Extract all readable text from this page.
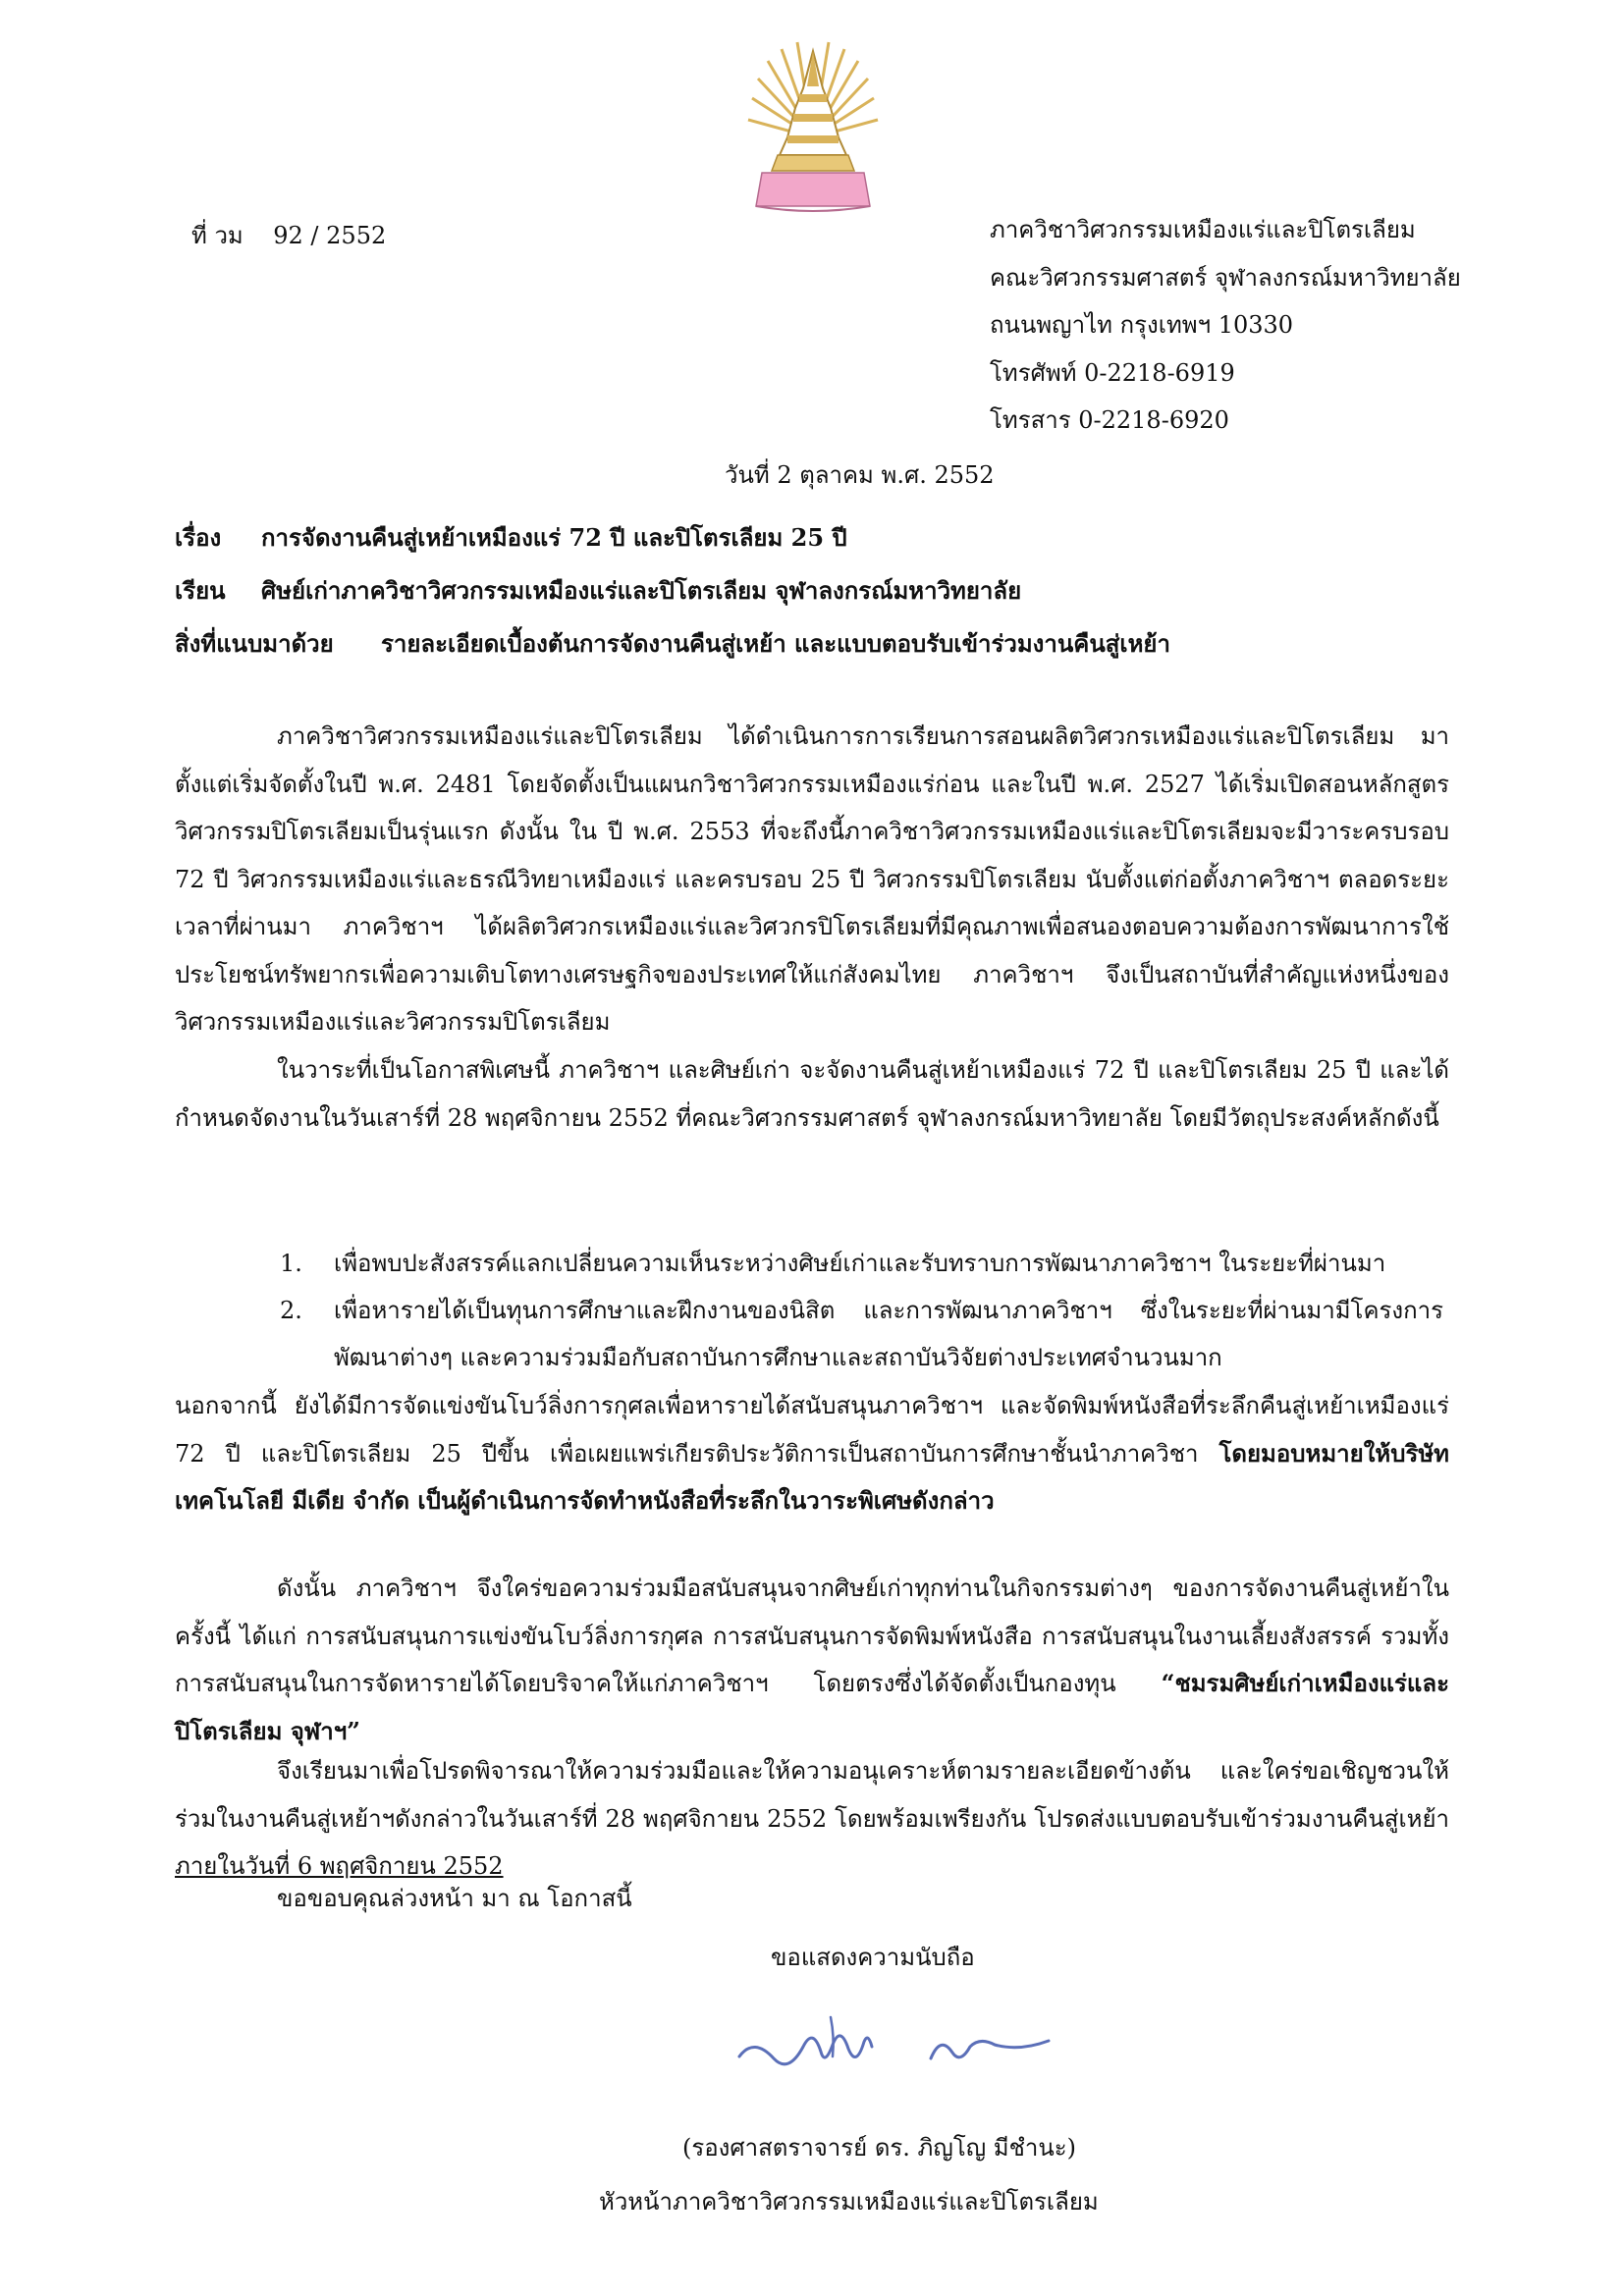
ที่ วม 92 / 2552	ภาควิชาวิศวกรรมเหมืองแร่และปิโตรเลียม
คณะวิศวกรรมศาสตร์ จุฬาลงกรณ์มหาวิทยาลัย
ถนนพญาไท กรุงเทพฯ 10330
โทรศัพท์ 0-2218-6919
โทรสาร 0-2218-6920
วันที่ 2 ตุลาคม พ.ศ. 2552
เรื่อง การจัดงานคืนสู่เหย้าเหมืองแร่ 72 ปี และปิโตรเลียม 25 ปี
เรียน ศิษย์เก่าภาควิชาวิศวกรรมเหมืองแร่และปิโตรเลียม จุฬาลงกรณ์มหาวิทยาลัย
สิ่งที่แนบมาด้วย รายละเอียดเบื้องต้นการจัดงานคืนสู่เหย้า และแบบตอบรับเข้าร่วมงานคืนสู่เหย้า
ภาควิชาวิศวกรรมเหมืองแร่และปิโตรเลียม ได้ดำเนินการการเรียนการสอนผลิตวิศวกรเหมืองแร่และปิโตรเลียม มาตั้งแต่เริ่มจัดตั้งในปี พ.ศ. 2481 โดยจัดตั้งเป็นแผนกวิชาวิศวกรรมเหมืองแร่ก่อน และในปี พ.ศ. 2527 ได้เริ่มเปิดสอนหลักสูตรวิศวกรรมปิโตรเลียมเป็นรุ่นแรก ดังนั้น ใน ปี พ.ศ. 2553 ที่จะถึงนี้ภาควิชาวิศวกรรมเหมืองแร่และปิโตรเลียมจะมีวาระครบรอบ 72 ปี วิศวกรรมเหมืองแร่และธรณีวิทยาเหมืองแร่ และครบรอบ 25 ปี วิศวกรรมปิโตรเลียม นับตั้งแต่ก่อตั้งภาควิชาฯ ตลอดระยะเวลาที่ผ่านมา ภาควิชาฯ ได้ผลิตวิศวกรเหมืองแร่และวิศวกรปิโตรเลียมที่มีคุณภาพเพื่อสนองตอบความต้องการพัฒนาการใช้ประโยชน์ทรัพยากรเพื่อความเติบโตทางเศรษฐกิจของประเทศให้แก่สังคมไทย ภาควิชาฯ จึงเป็นสถาบันที่สำคัญแห่งหนึ่งของวิศวกรรมเหมืองแร่และวิศวกรรมปิโตรเลียม
ในวาระที่เป็นโอกาสพิเศษนี้ ภาควิชาฯ และศิษย์เก่า จะจัดงานคืนสู่เหย้าเหมืองแร่ 72 ปี และปิโตรเลียม 25 ปี และได้กำหนดจัดงานในวันเสาร์ที่ 28 พฤศจิกายน 2552 ที่คณะวิศวกรรมศาสตร์ จุฬาลงกรณ์มหาวิทยาลัย โดยมีวัตถุประสงค์หลักดังนี้
1. เพื่อพบปะสังสรรค์แลกเปลี่ยนความเห็นระหว่างศิษย์เก่าและรับทราบการพัฒนาภาควิชาฯ ในระยะที่ผ่านมา
2. เพื่อหารายได้เป็นทุนการศึกษาและฝึกงานของนิสิต และการพัฒนาภาควิชาฯ ซึ่งในระยะที่ผ่านมามีโครงการพัฒนาต่างๆ และความร่วมมือกับสถาบันการศึกษาและสถาบันวิจัยต่างประเทศจำนวนมาก
นอกจากนี้ ยังได้มีการจัดแข่งขันโบว์ลิ่งการกุศลเพื่อหารายได้สนับสนุนภาควิชาฯ และจัดพิมพ์หนังสือที่ระลึกคืนสู่เหย้าเหมืองแร่ 72 ปี และปิโตรเลียม 25 ปีขึ้น เพื่อเผยแพร่เกียรติประวัติการเป็นสถาบันการศึกษาชั้นนำภาควิชา โดยมอบหมายให้บริษัท เทคโนโลยี มีเดีย จำกัด เป็นผู้ดำเนินการจัดทำหนังสือที่ระลึกในวาระพิเศษดังกล่าว
ดังนั้น ภาควิชาฯ จึงใคร่ขอความร่วมมือสนับสนุนจากศิษย์เก่าทุกท่านในกิจกรรมต่างๆ ของการจัดงานคืนสู่เหย้าในครั้งนี้ ได้แก่ การสนับสนุนการแข่งขันโบว์ลิ่งการกุศล การสนับสนุนการจัดพิมพ์หนังสือ การสนับสนุนในงานเลี้ยงสังสรรค์ รวมทั้งการสนับสนุนในการจัดหารายได้โดยบริจาคให้แก่ภาควิชาฯ โดยตรงซึ่งได้จัดตั้งเป็นกองทุน “ชมรมศิษย์เก่าเหมืองแร่และปิโตรเลียม จุฬาฯ”
จึงเรียนมาเพื่อโปรดพิจารณาให้ความร่วมมือและให้ความอนุเคราะห์ตามรายละเอียดข้างต้น และใคร่ขอเชิญชวนให้ร่วมในงานคืนสู่เหย้าฯดังกล่าวในวันเสาร์ที่ 28 พฤศจิกายน 2552 โดยพร้อมเพรียงกัน โปรดส่งแบบตอบรับเข้าร่วมงานคืนสู่เหย้าภายในวันที่ 6 พฤศจิกายน 2552
ขอขอบคุณล่วงหน้า มา ณ โอกาสนี้
ขอแสดงความนับถือ
(รองศาสตราจารย์ ดร. ภิญโญ มีชำนะ)
หัวหน้าภาควิชาวิศวกรรมเหมืองแร่และปิโตรเลียม
